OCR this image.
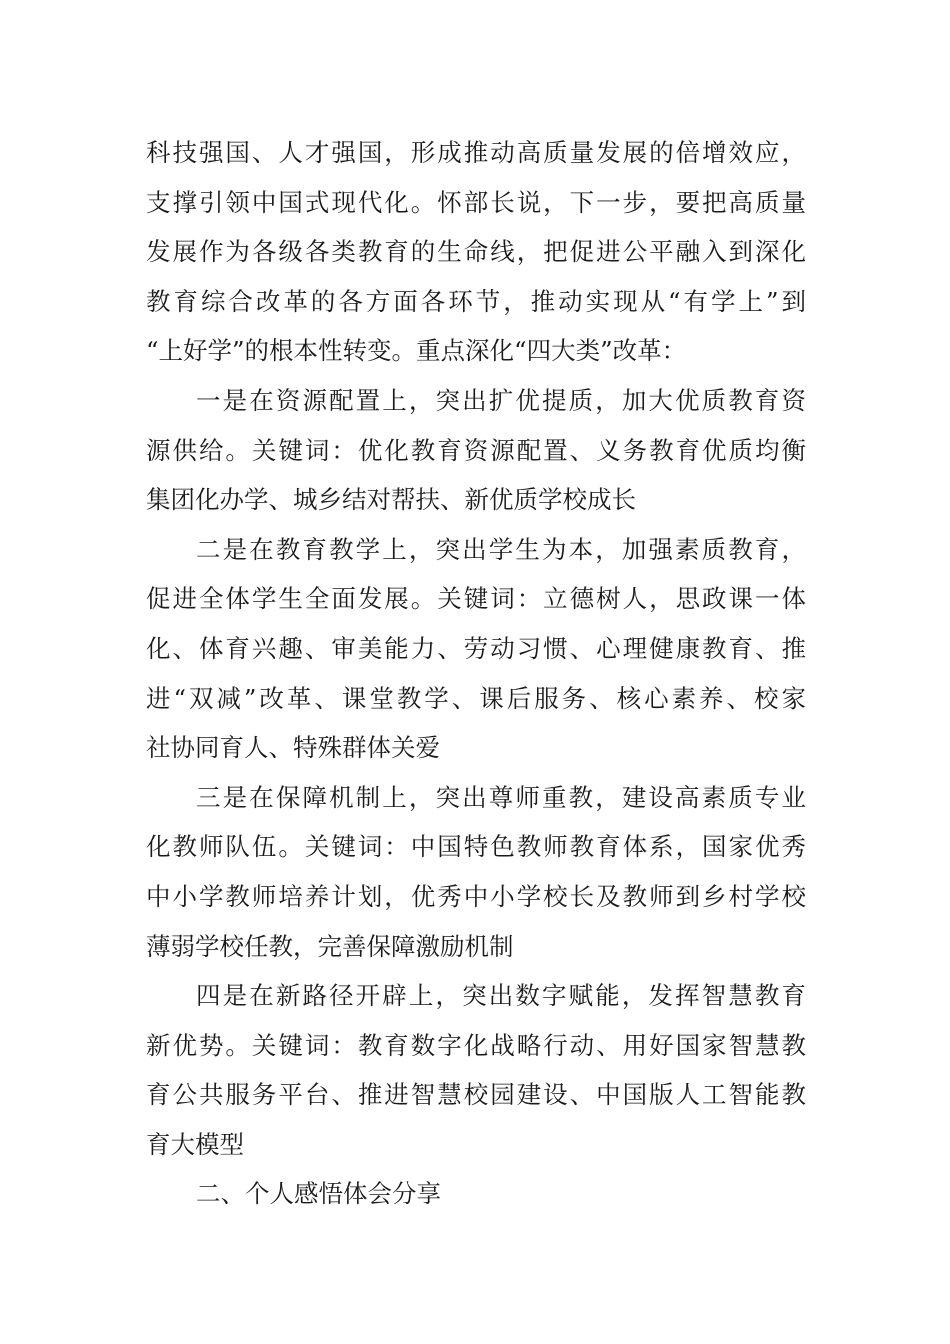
科技强国、人才强国，形成推动高质量发展的倍增效应，
支撑引领中国式现代化。怀部长说，下一步，要把高质量
发展作为各级各类教育的生命线，把促进公平融入到深化
教育综合改革的各方面各环节，推动实现从“有学上”到
“上好学”的根本性转变。重点深化“四大类”改革：
一是在资源配置上，突出扩优提质，加大优质教育资
源供给。关键词：优化教育资源配置、义务教育优质均衡
集团化办学、城乡结对帮扶、新优质学校成长
二是在教育教学上，突出学生为本，加强素质教育，
促进全体学生全面发展。关键词：立德树人，思政课一体
化、体育兴趣、审美能力、劳动习惯、心理健康教育、推
进“双减”改革、课堂教学、课后服务、核心素养、校家
社协同育人、特殊群体关爱
三是在保障机制上，突出尊师重教，建设高素质专业
化教师队伍。关键词：中国特色教师教育体系，国家优秀
中小学教师培养计划，优秀中小学校长及教师到乡村学校
薄弱学校任教，完善保障激励机制
四是在新路径开辟上，突出数字赋能，发挥智慧教育
新优势。关键词：教育数字化战略行动、用好国家智慧教
育公共服务平台、推进智慧校园建设、中国版人工智能教
育大模型
二、个人感悟体会分享
